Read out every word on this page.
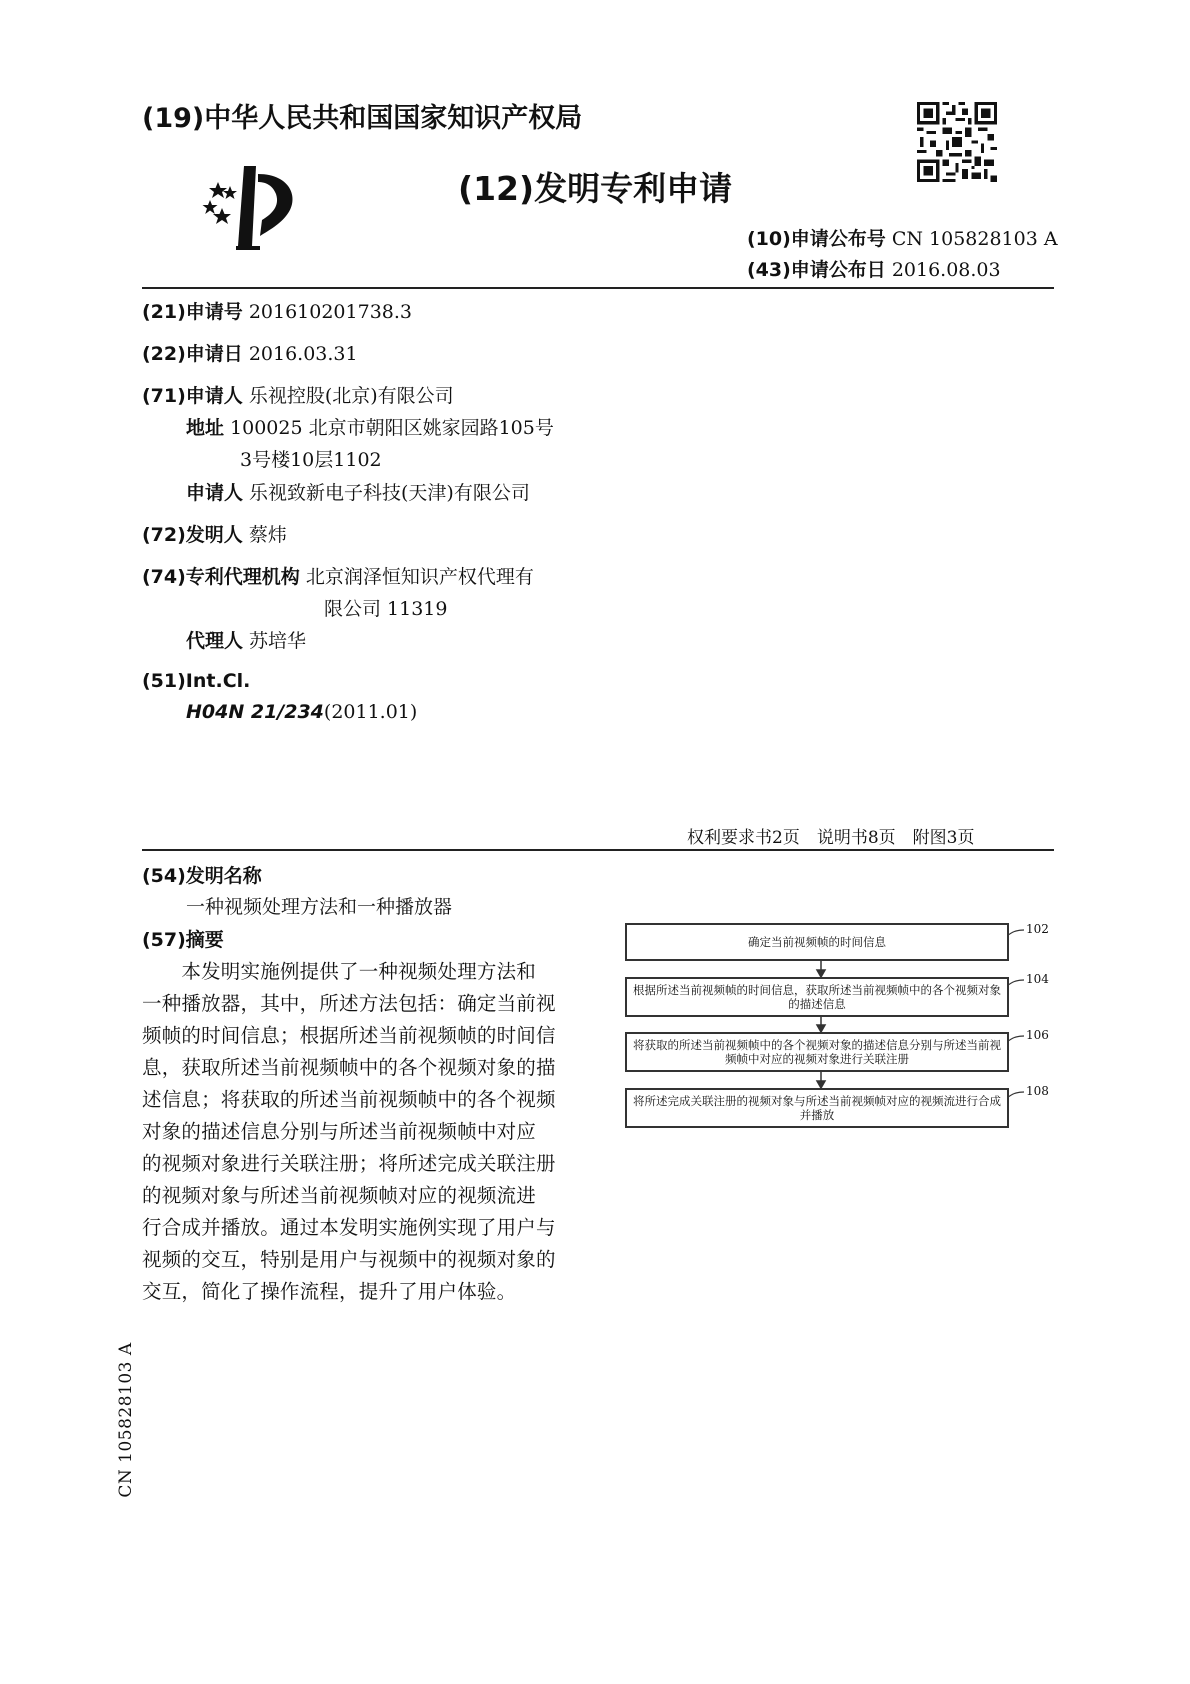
(19)中华人民共和国国家知识产权局
(12)发明专利申请
(10)申请公布号 CN 105828103 A
(43)申请公布日 2016.08.03
(21)申请号 201610201738.3
(22)申请日 2016.03.31
(71)申请人 乐视控股(北京)有限公司
地址 100025 北京市朝阳区姚家园路105号
3号楼10层1102
申请人 乐视致新电子科技(天津)有限公司
(72)发明人 蔡炜
(74)专利代理机构 北京润泽恒知识产权代理有
限公司 11319
代理人 苏培华
(51)Int.Cl.
H04N 21/234(2011.01)
权利要求书2页　说明书8页　附图3页
(54)发明名称
一种视频处理方法和一种播放器
(57)摘要
　　本发明实施例提供了一种视频处理方法和
一种播放器，其中，所述方法包括：确定当前视
频帧的时间信息；根据所述当前视频帧的时间信
息，获取所述当前视频帧中的各个视频对象的描
述信息；将获取的所述当前视频帧中的各个视频
对象的描述信息分别与所述当前视频帧中对应
的视频对象进行关联注册；将所述完成关联注册
的视频对象与所述当前视频帧对应的视频流进
行合成并播放。通过本发明实施例实现了用户与
视频的交互，特别是用户与视频中的视频对象的
交互，简化了操作流程，提升了用户体验。
确定当前视频帧的时间信息
102
根据所述当前视频帧的时间信息，获取所述当前视频帧中的各个视频对象的描述信息
104
将获取的所述当前视频帧中的各个视频对象的描述信息分别与所述当前视频帧中对应的视频对象进行关联注册
106
将所述完成关联注册的视频对象与所述当前视频帧对应的视频流进行合成并播放
108
CN 105828103 A
